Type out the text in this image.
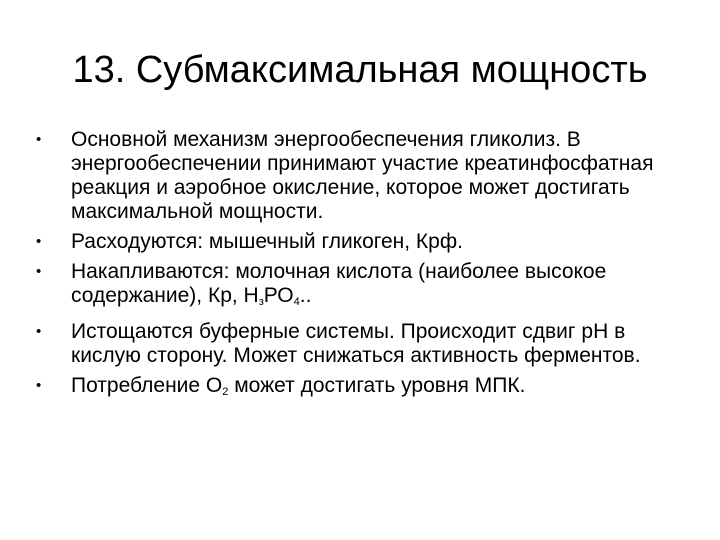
13. Субмаксимальная мощность
•	Основной механизм энергообеспечения гликолиз. В энергообеспечении принимают участие креатинфосфатная реакция и аэробное окисление, которое может достигать максимальной мощности.
•	Расходуются: мышечный гликоген, Крф.
•	Накапливаются: молочная кислота (наиболее высокое содержание), Кр, $Н_зРО_4$..
•	Истощаются буферные системы. Происходит сдвиг pH в кислую сторону. Может снижаться активность ферментов.
•	Потребление $О_2$ может достигать уровня МПК.
